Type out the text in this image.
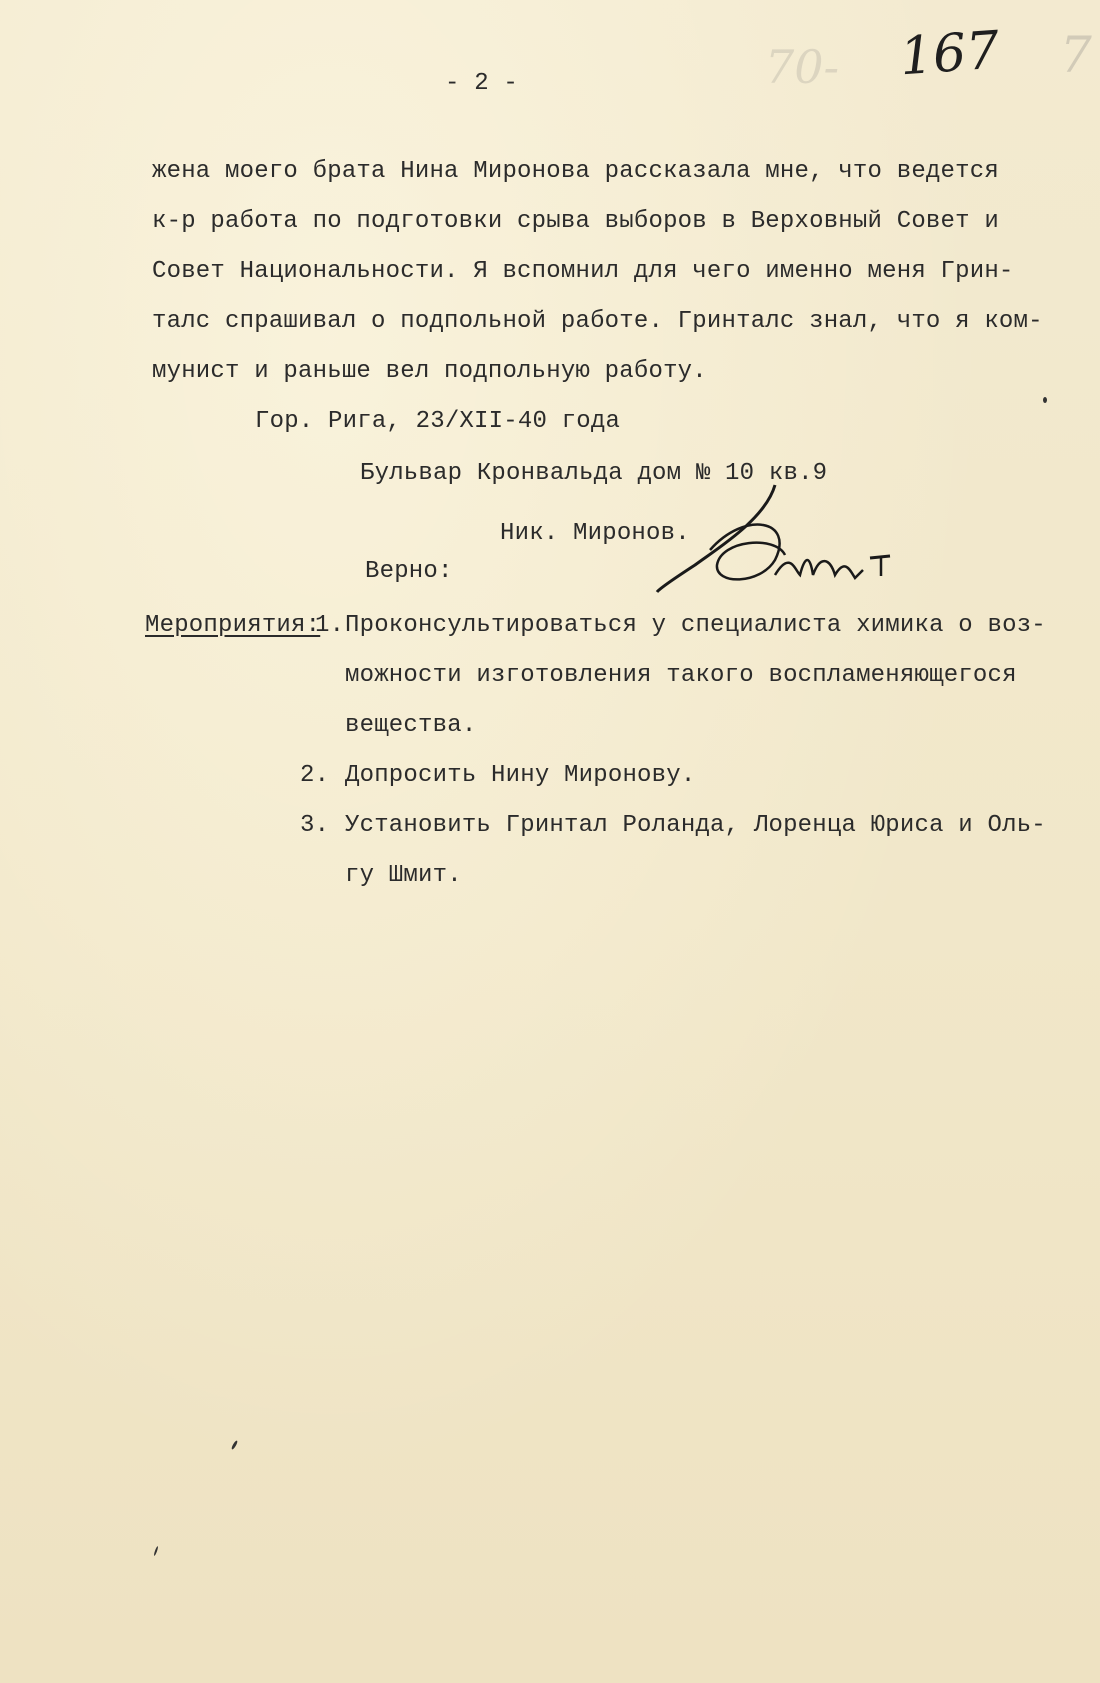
70- 167 7
- 2 -
жена моего брата Нина Миронова рассказала мне, что ведется
к-р работа по подготовки срыва выборов в Верховный Совет и
Совет Национальности. Я вспомнил для чего именно меня Грин-
талс спрашивал о подпольной работе. Гринталс знал, что я ком-
мунист и раньше вел подпольную работу.
Гор. Рига, 23/XII-40 года
Бульвар Кронвальда дом № 10 кв.9
Ник. Миронов.
Верно:
Мероприятия:
1. Проконсультироваться у специалиста химика о воз-
можности изготовления такого воспламеняющегося
вещества.
2. Допросить Нину Миронову.
3. Установить Гринтал Роланда, Лоренца Юриса и Оль-
гу Шмит.
